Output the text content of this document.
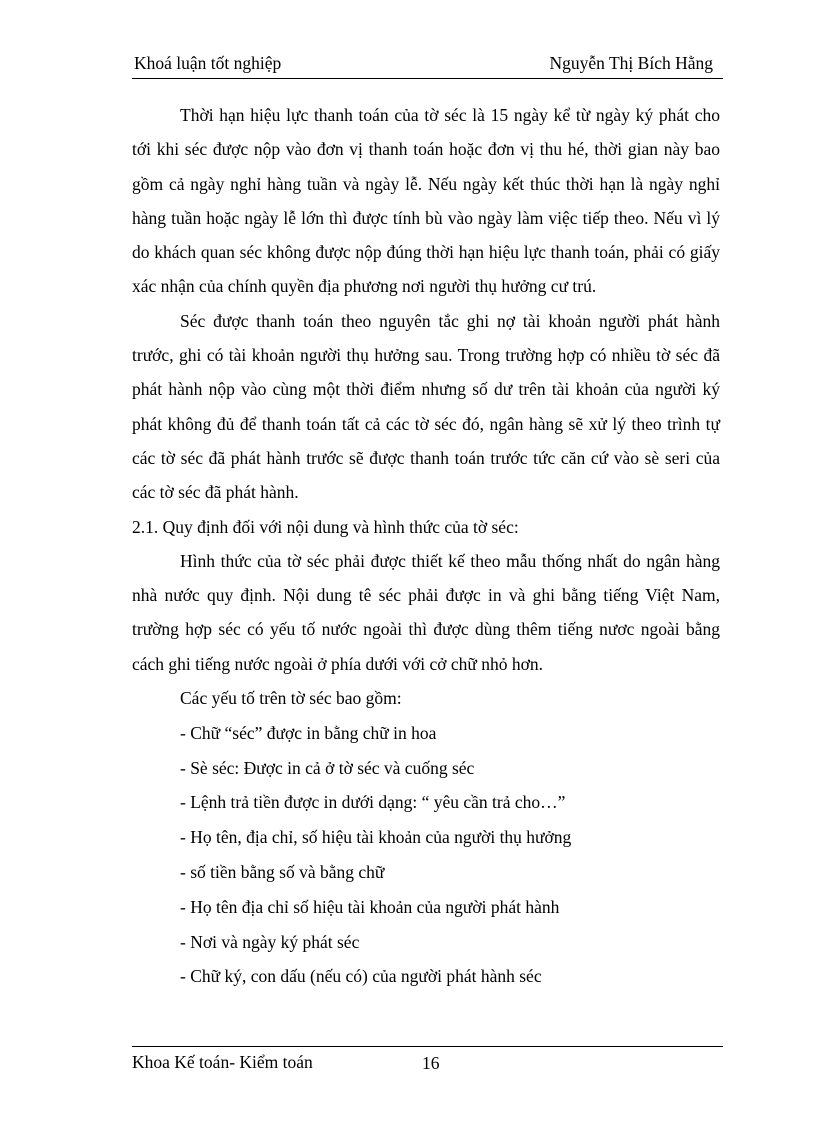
Khoá luận tốt nghiệp	Nguyễn Thị Bích Hằng

Thời hạn hiệu lực thanh toán của tờ séc là 15 ngày kể từ ngày ký phát cho tới khi séc được nộp vào đơn vị thanh toán hoặc đơn vị thu hé, thời gian này bao gồm cả ngày nghỉ hàng tuần và ngày lễ. Nếu ngày kết thúc thời hạn là ngày nghỉ hàng tuần hoặc ngày lễ lớn thì được tính bù vào ngày làm việc tiếp theo. Nếu vì lý do khách quan séc không được nộp đúng thời hạn hiệu lực thanh toán, phải có giấy xác nhận của chính quyền địa phương nơi người thụ hưởng cư trú.

Séc được thanh toán theo nguyên tắc ghi nợ tài khoản người phát hành trước, ghi có tài khoản người thụ hưởng sau. Trong trường hợp có nhiều tờ séc đã phát hành nộp vào cùng một thời điểm nhưng số dư trên tài khoản của người ký phát không đủ để thanh toán tất cả các tờ séc đó, ngân hàng sẽ xử lý theo trình tự các tờ séc đã phát hành trước sẽ được thanh toán trước tức căn cứ vào sè seri của các tờ séc đã phát hành.

2.1. Quy định đối với nội dung và hình thức của tờ séc:

Hình thức của tờ séc phải được thiết kế theo mẫu thống nhất do ngân hàng nhà nước quy định. Nội dung tê séc phải được in và ghi bằng tiếng Việt Nam, trường hợp séc có yếu tố nước ngoài thì được dùng thêm tiếng nươc ngoài bằng cách ghi tiếng nước ngoài ở phía dưới với cở chữ nhỏ hơn.

Các yếu tố trên tờ séc bao gồm:

- Chữ “séc” được in bằng chữ in hoa
- Sè séc: Được in cả ở tờ séc và cuống séc
- Lệnh trả tiền được in dưới dạng: “ yêu cần trả cho…”
- Họ tên, địa chỉ, số hiệu tài khoản của người thụ hưởng
- số tiền bằng số và bằng chữ
- Họ tên địa chỉ số hiệu tài khoản của người phát hành
- Nơi và ngày ký phát séc
- Chữ ký, con dấu (nếu có) của người phát hành séc
Khoa Kế toán- Kiểm toán	16
